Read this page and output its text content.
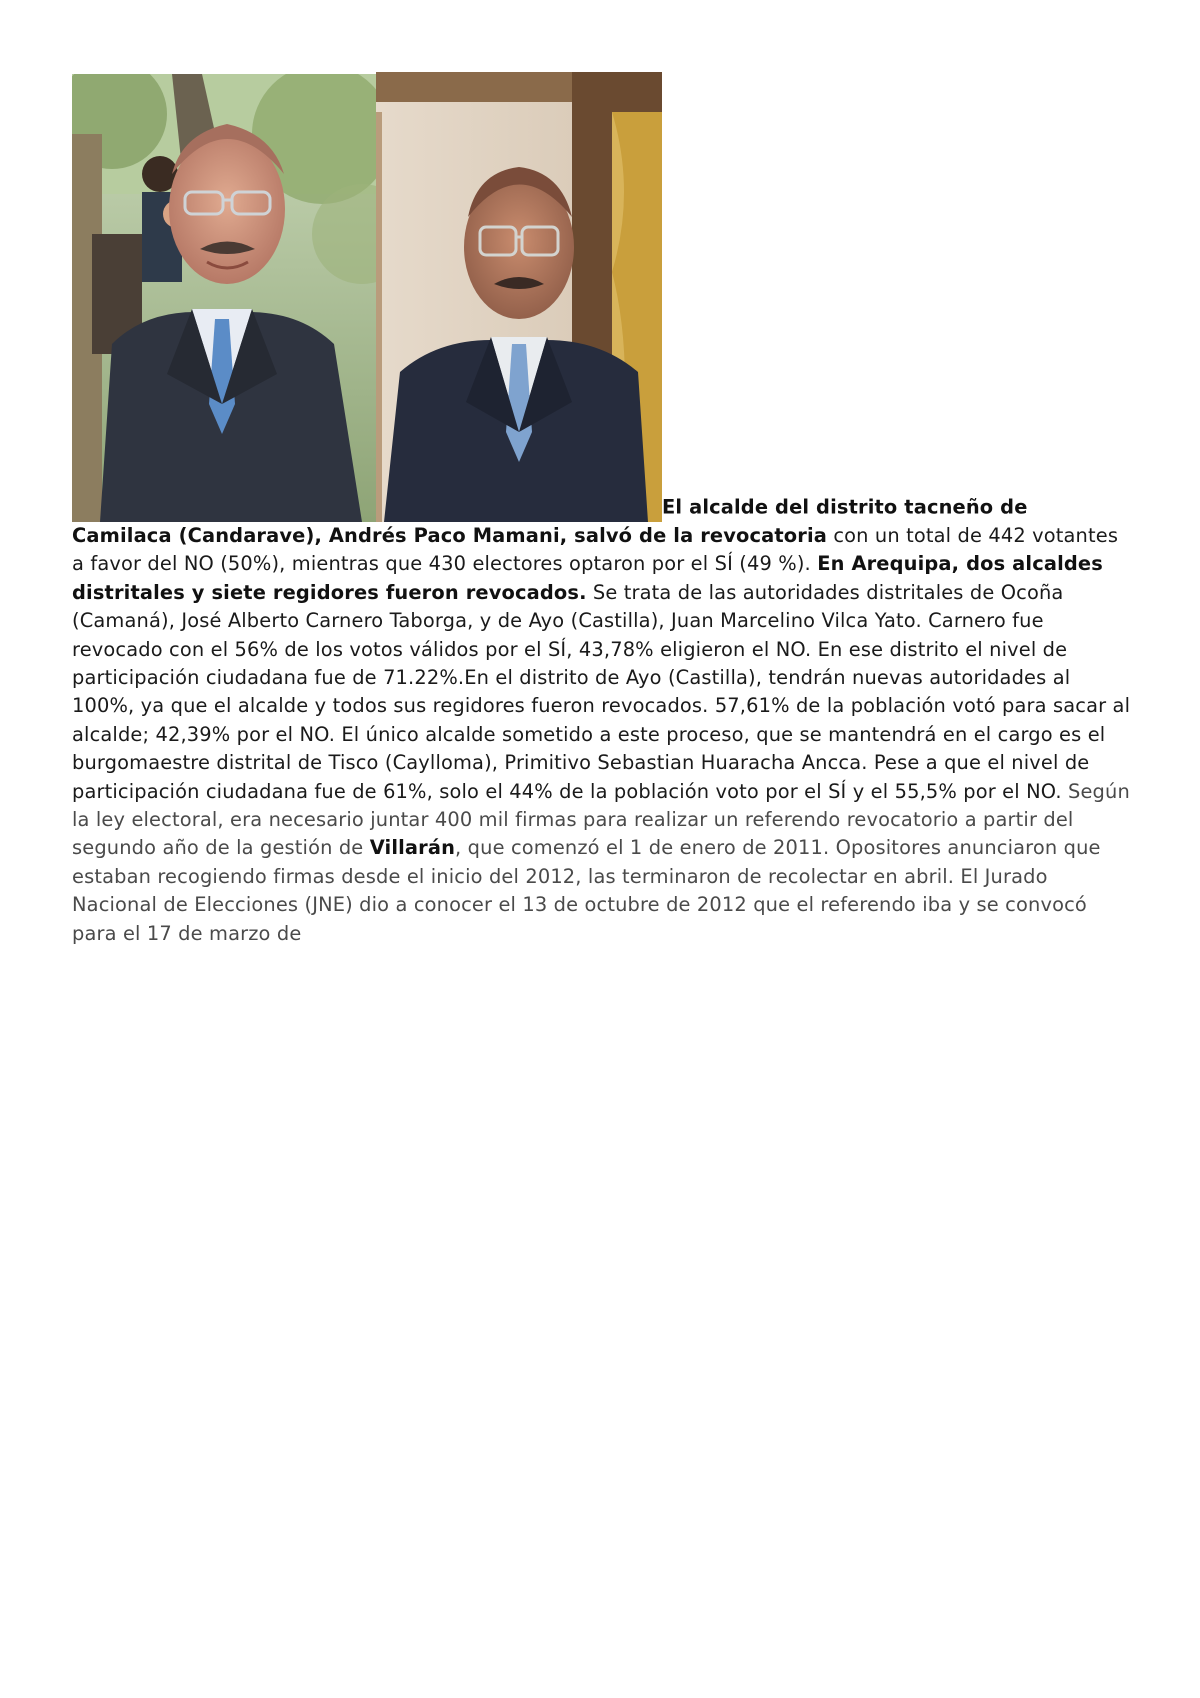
El alcalde del distrito tacneño de Camilaca (Candarave), Andrés Paco Mamani, salvó de la revocatoria con un total de 442 votantes a favor del NO (50%), mientras que 430 electores optaron por el SÍ (49 %). En Arequipa, dos alcaldes distritales y siete regidores fueron revocados. Se trata de las autoridades distritales de Ocoña (Camaná), José Alberto Carnero Taborga, y de Ayo (Castilla), Juan Marcelino Vilca Yato. Carnero fue revocado con el 56% de los votos válidos por el SÍ, 43,78% eligieron el NO. En ese distrito el nivel de participación ciudadana fue de 71.22%.En el distrito de Ayo (Castilla), tendrán nuevas autoridades al 100%, ya que el alcalde y todos sus regidores fueron revocados. 57,61% de la población votó para sacar al alcalde; 42,39% por el NO. El único alcalde sometido a este proceso, que se mantendrá en el cargo es el burgomaestre distrital de Tisco (Caylloma), Primitivo Sebastian Huaracha Ancca. Pese a que el nivel de participación ciudadana fue de 61%, solo el 44% de la población voto por el SÍ y el 55,5% por el NO. Según la ley electoral, era necesario juntar 400 mil firmas para realizar un referendo revocatorio a partir del segundo año de la gestión de Villarán, que comenzó el 1 de enero de 2011. Opositores anunciaron que estaban recogiendo firmas desde el inicio del 2012, las terminaron de recolectar en abril. El Jurado Nacional de Elecciones (JNE) dio a conocer el 13 de octubre de 2012 que el referendo iba y se convocó para el 17 de marzo de
